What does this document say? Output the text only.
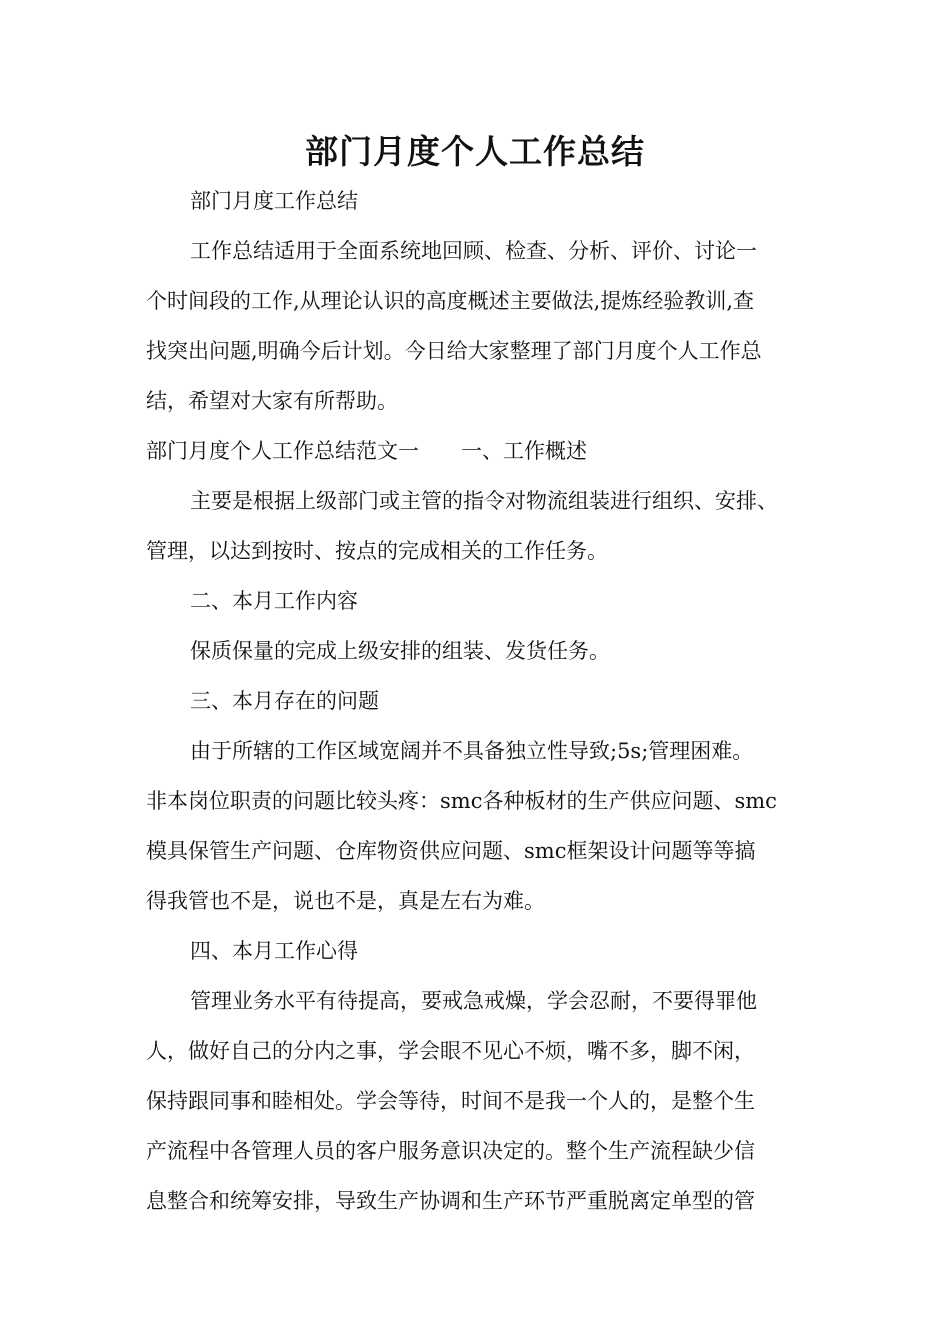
部门月度个人工作总结
部门月度工作总结
工作总结适用于全面系统地回顾、检查、分析、评价、讨论一
个时间段的工作,从理论认识的高度概述主要做法,提炼经验教训,查
找突出问题,明确今后计划。今日给大家整理了部门月度个人工作总
结，希望对大家有所帮助。
部门月度个人工作总结范文一 一、工作概述
主要是根据上级部门或主管的指令对物流组装进行组织、安排、
管理，以达到按时、按点的完成相关的工作任务。
二、本月工作内容
保质保量的完成上级安排的组装、发货任务。
三、本月存在的问题
由于所辖的工作区域宽阔并不具备独立性导致;5s;管理困难。
非本岗位职责的问题比较头疼：smc各种板材的生产供应问题、smc
模具保管生产问题、仓库物资供应问题、smc框架设计问题等等搞
得我管也不是，说也不是，真是左右为难。
四、本月工作心得
管理业务水平有待提高，要戒急戒燥，学会忍耐，不要得罪他
人，做好自己的分内之事，学会眼不见心不烦，嘴不多，脚不闲，
保持跟同事和睦相处。学会等待，时间不是我一个人的，是整个生
产流程中各管理人员的客户服务意识决定的。整个生产流程缺少信
息整合和统筹安排，导致生产协调和生产环节严重脱离定单型的管
